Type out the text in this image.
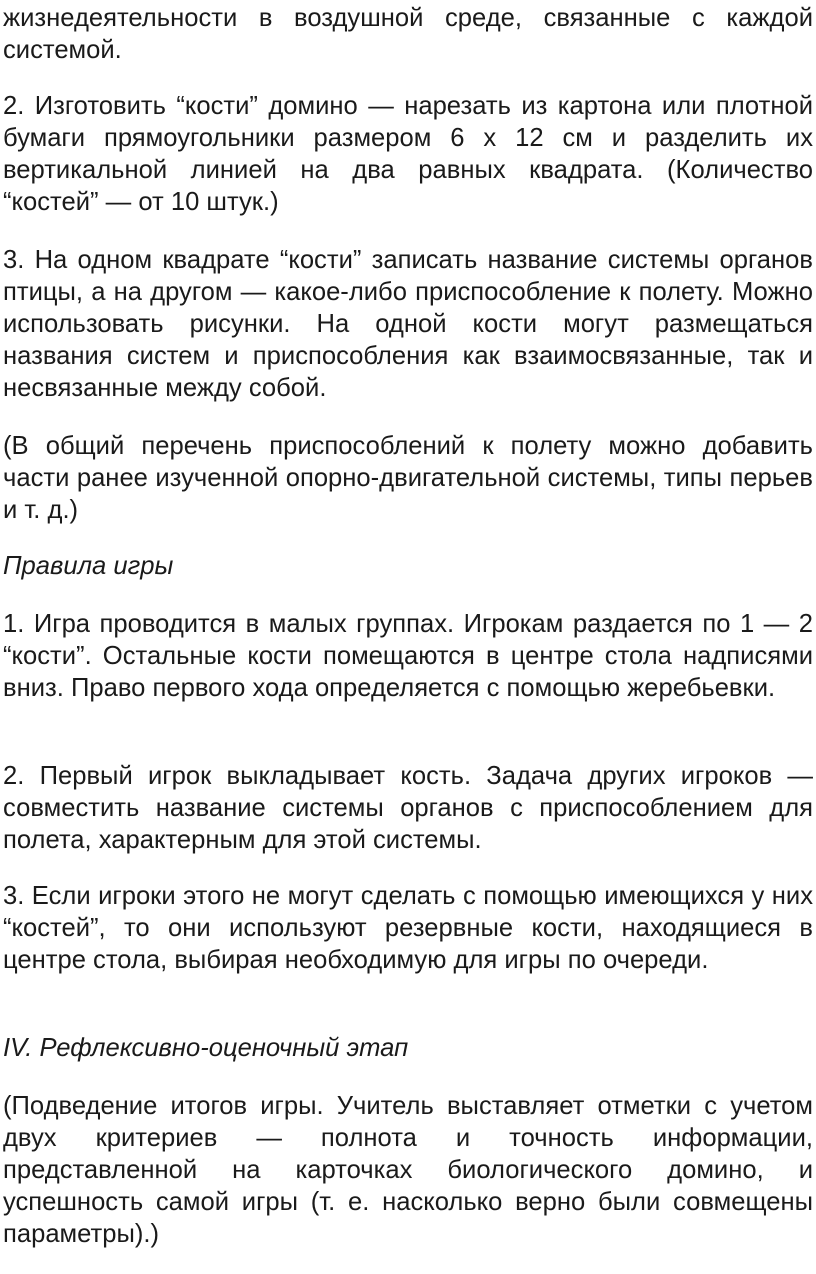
жизнедеятельности в воздушной среде, связанные с каждой системой.

2. Изготовить “кости” домино — нарезать из картона или плотной бумаги прямоугольники размером 6 х 12 см и разделить их вертикальной линией на два равных квадрата. (Количество “костей” — от 10 штук.)

3. На одном квадрате “кости” записать название системы органов птицы, а на другом — какое-либо приспособление к полету. Можно использовать рисунки. На одной кости могут размещаться названия систем и приспособления как взаимосвязанные, так и несвязанные между собой.

(В общий перечень приспособлений к полету можно добавить части ранее изученной опорно-двигательной системы, типы перьев и т. д.)

Правила игры

1. Игра проводится в малых группах. Игрокам раздается по 1 — 2 “кости”. Остальные кости помещаются в центре стола надписями вниз. Право первого хода определяется с помощью жеребьевки.

2. Первый игрок выкладывает кость. Задача других игроков — совместить название системы органов с приспособлением для полета, характерным для этой системы.

3. Если игроки этого не могут сделать с помощью имеющихся у них “костей”, то они используют резервные кости, находящиеся в центре стола, выбирая необходимую для игры по очереди.

IV. Рефлексивно-оценочный этап

(Подведение итогов игры. Учитель выставляет отметки с учетом двух критериев — полнота и точность информации, представленной на карточках биологического домино, и успешность самой игры (т. е. насколько верно были совмещены параметры).)
